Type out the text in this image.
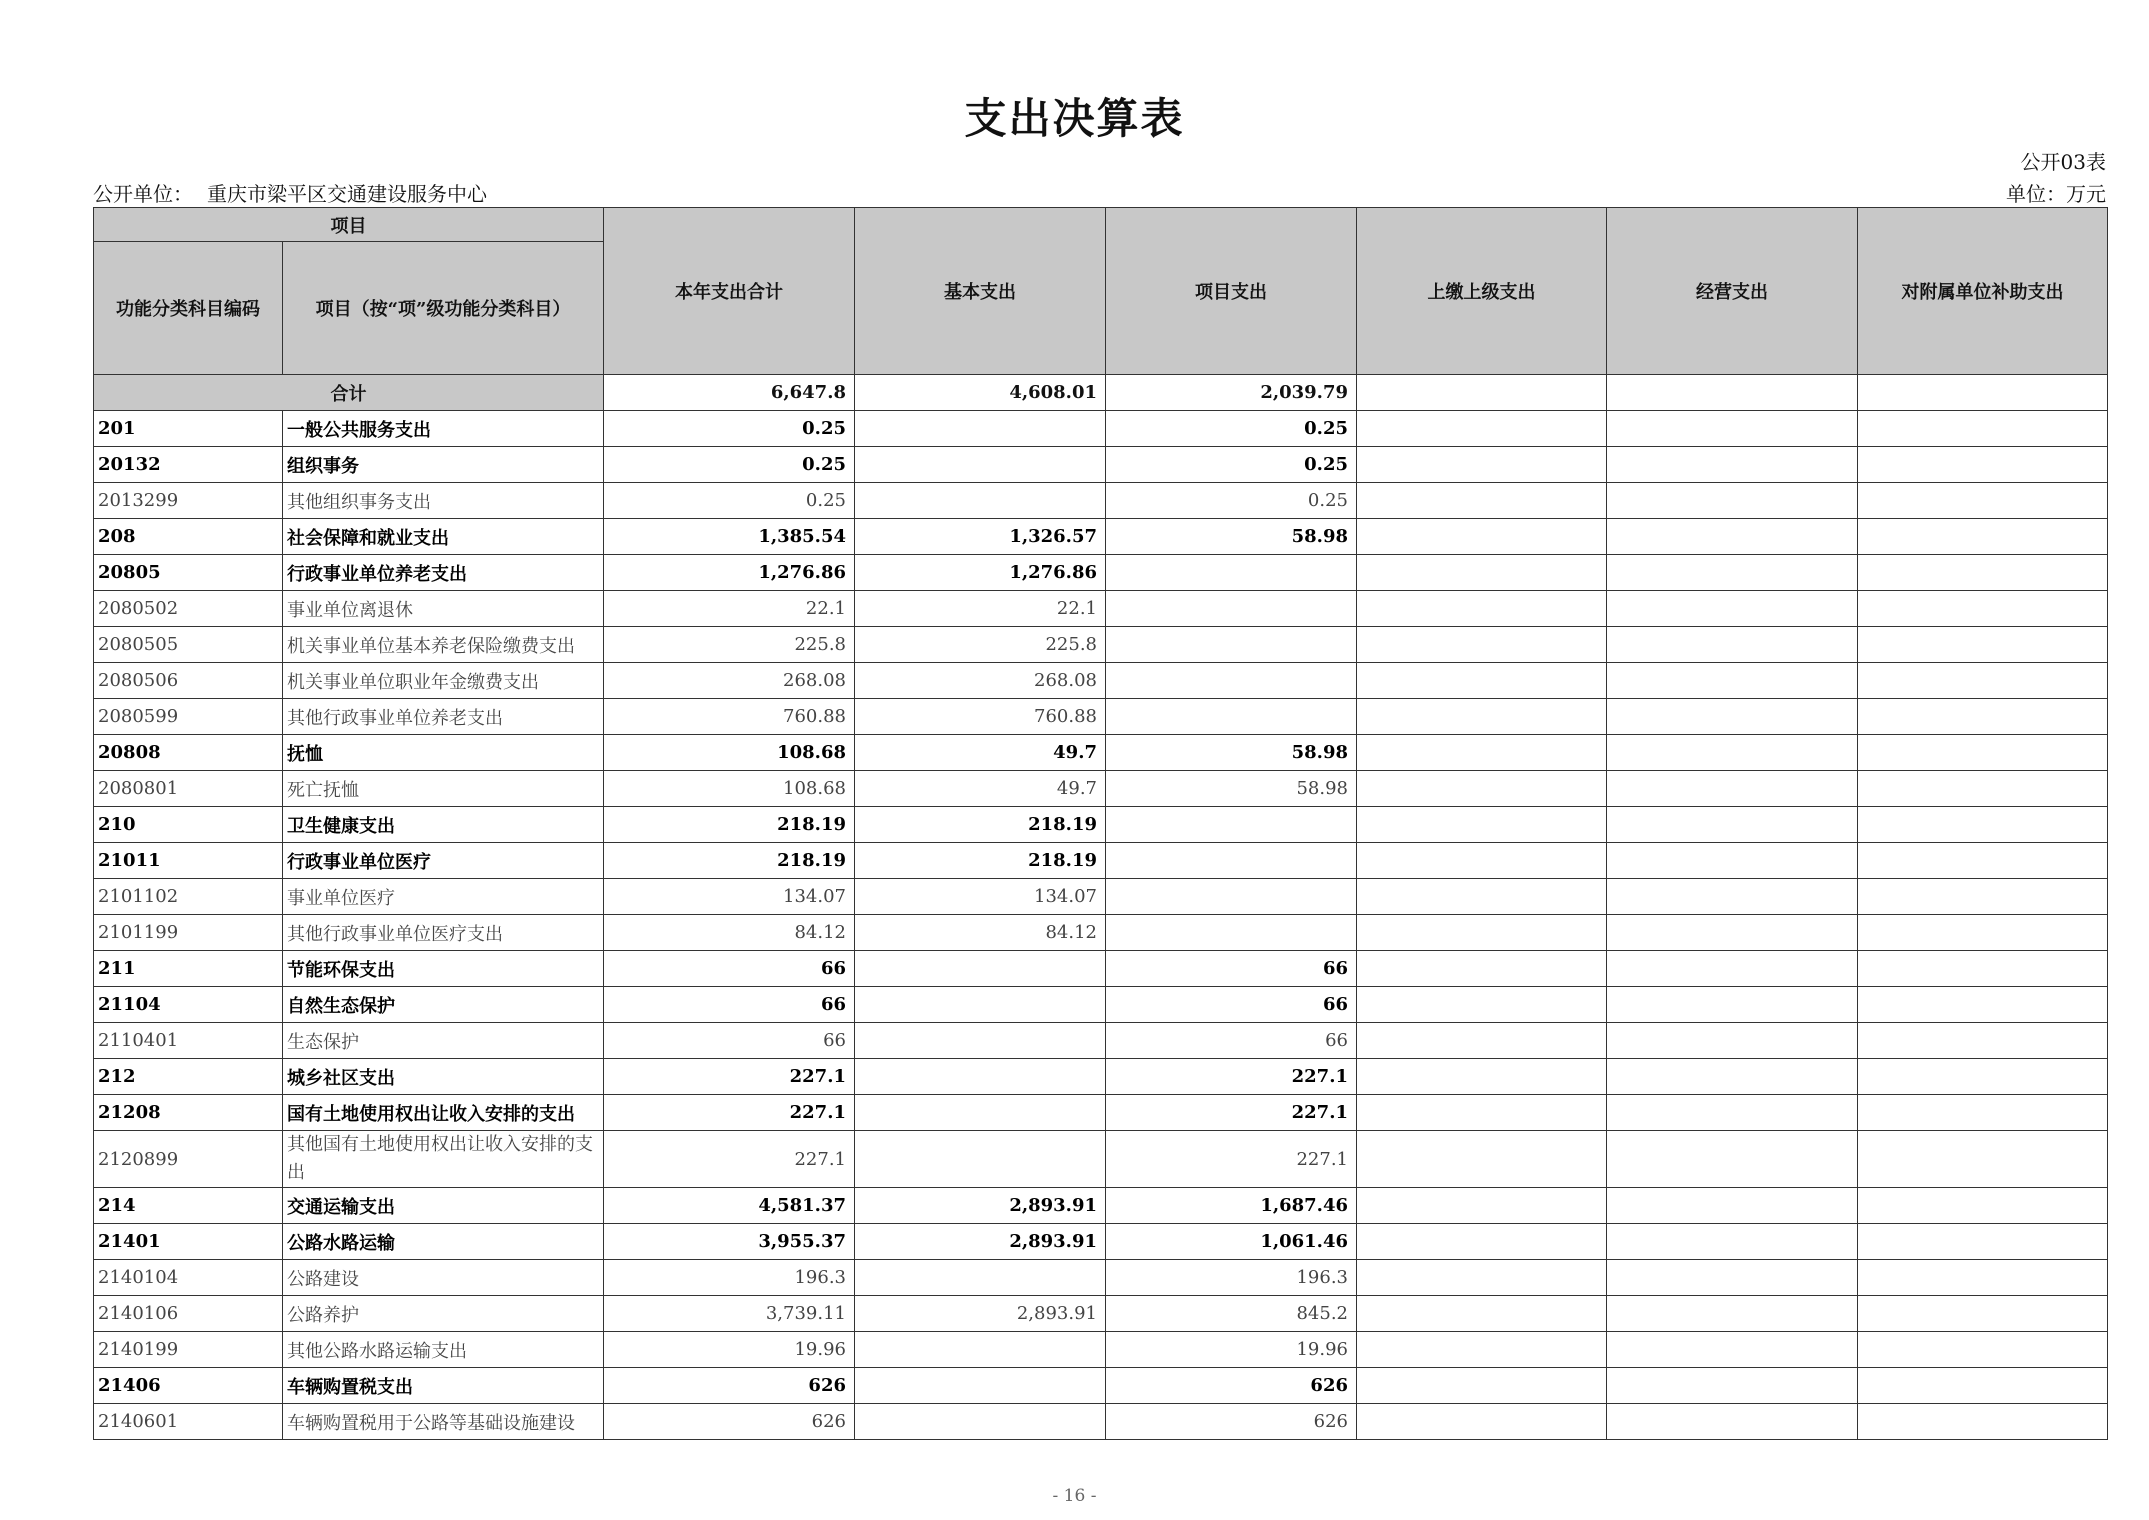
支出决算表
公开03表
公开单位： 重庆市梁平区交通建设服务中心	单位：万元
项目		本年支出合计	基本支出	项目支出	上缴上级支出	经营支出	对附属单位补助支出
功能分类科目编码	项目（按“项”级功能分类科目）						
合计		6,647.8	4,608.01	2,039.79			
201	一般公共服务支出	0.25		0.25			
20132	组织事务	0.25		0.25			
2013299	其他组织事务支出	0.25		0.25			
208	社会保障和就业支出	1,385.54	1,326.57	58.98			
20805	行政事业单位养老支出	1,276.86	1,276.86				
2080502	事业单位离退休	22.1	22.1				
2080505	机关事业单位基本养老保险缴费支出	225.8	225.8				
2080506	机关事业单位职业年金缴费支出	268.08	268.08				
2080599	其他行政事业单位养老支出	760.88	760.88				
20808	抚恤	108.68	49.7	58.98			
2080801	死亡抚恤	108.68	49.7	58.98			
210	卫生健康支出	218.19	218.19				
21011	行政事业单位医疗	218.19	218.19				
2101102	事业单位医疗	134.07	134.07				
2101199	其他行政事业单位医疗支出	84.12	84.12				
211	节能环保支出	66		66			
21104	自然生态保护	66		66			
2110401	生态保护	66		66			
212	城乡社区支出	227.1		227.1			
21208	国有土地使用权出让收入安排的支出	227.1		227.1			
2120899	其他国有土地使用权出让收入安排的支出	227.1		227.1			
214	交通运输支出	4,581.37	2,893.91	1,687.46			
21401	公路水路运输	3,955.37	2,893.91	1,061.46			
2140104	公路建设	196.3		196.3			
2140106	公路养护	3,739.11	2,893.91	845.2			
2140199	其他公路水路运输支出	19.96		19.96			
21406	车辆购置税支出	626		626			
2140601	车辆购置税用于公路等基础设施建设	626		626			
- 16 -
